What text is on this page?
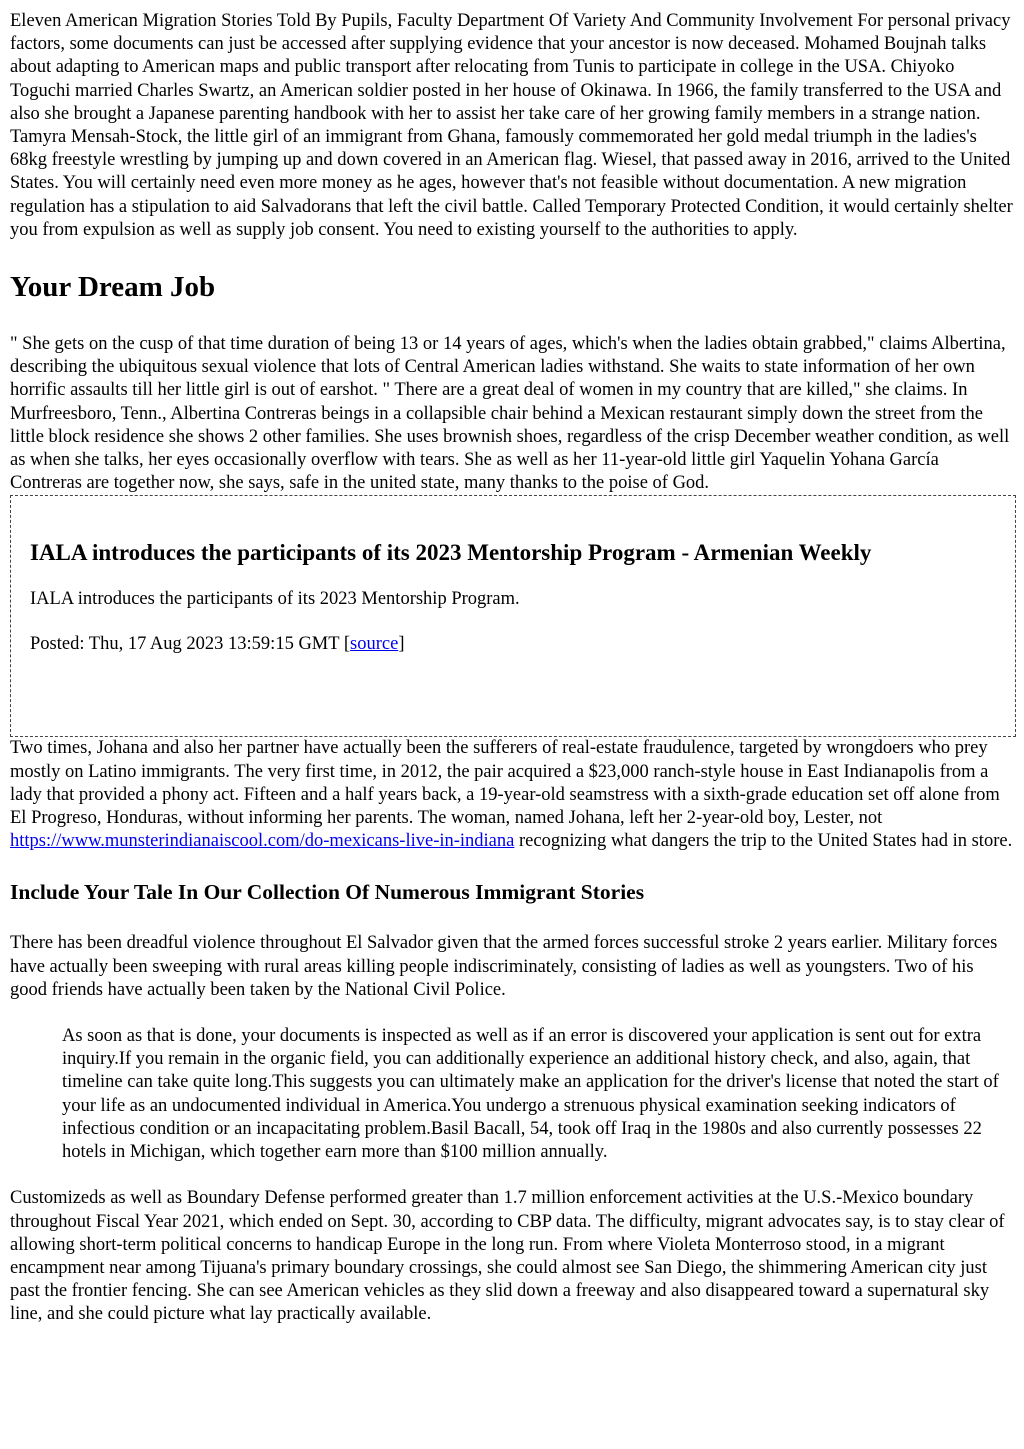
Eleven American Migration Stories Told By Pupils, Faculty Department Of Variety And Community Involvement For personal privacy factors, some documents can just be accessed after supplying evidence that your ancestor is now deceased. Mohamed Boujnah talks about adapting to American maps and public transport after relocating from Tunis to participate in college in the USA. Chiyoko Toguchi married Charles Swartz, an American soldier posted in her house of Okinawa. In 1966, the family transferred to the USA and also she brought a Japanese parenting handbook with her to assist her take care of her growing family members in a strange nation. Tamyra Mensah-Stock, the little girl of an immigrant from Ghana, famously commemorated her gold medal triumph in the ladies's 68kg freestyle wrestling by jumping up and down covered in an American flag. Wiesel, that passed away in 2016, arrived to the United States. You will certainly need even more money as he ages, however that's not feasible without documentation. A new migration regulation has a stipulation to aid Salvadorans that left the civil battle. Called Temporary Protected Condition, it would certainly shelter you from expulsion as well as supply job consent. You need to existing yourself to the authorities to apply.

Your Dream Job

" She gets on the cusp of that time duration of being 13 or 14 years of ages, which's when the ladies obtain grabbed," claims Albertina, describing the ubiquitous sexual violence that lots of Central American ladies withstand. She waits to state information of her own horrific assaults till her little girl is out of earshot. " There are a great deal of women in my country that are killed," she claims. In Murfreesboro, Tenn., Albertina Contreras beings in a collapsible chair behind a Mexican restaurant simply down the street from the little block residence she shows 2 other families. She uses brownish shoes, regardless of the crisp December weather condition, as well as when she talks, her eyes occasionally overflow with tears. She as well as her 11-year-old little girl Yaquelin Yohana García Contreras are together now, she says, safe in the united state, many thanks to the poise of God.

IALA introduces the participants of its 2023 Mentorship Program - Armenian Weekly
IALA introduces the participants of its 2023 Mentorship Program.
Posted: Thu, 17 Aug 2023 13:59:15 GMT [source]

Two times, Johana and also her partner have actually been the sufferers of real-estate fraudulence, targeted by wrongdoers who prey mostly on Latino immigrants. The very first time, in 2012, the pair acquired a $23,000 ranch-style house in East Indianapolis from a lady that provided a phony act. Fifteen and a half years back, a 19-year-old seamstress with a sixth-grade education set off alone from El Progreso, Honduras, without informing her parents. The woman, named Johana, left her 2-year-old boy, Lester, not https://www.munsterindianaiscool.com/do-mexicans-live-in-indiana recognizing what dangers the trip to the United States had in store.

Include Your Tale In Our Collection Of Numerous Immigrant Stories

There has been dreadful violence throughout El Salvador given that the armed forces successful stroke 2 years earlier. Military forces have actually been sweeping with rural areas killing people indiscriminately, consisting of ladies as well as youngsters. Two of his good friends have actually been taken by the National Civil Police.

As soon as that is done, your documents is inspected as well as if an error is discovered your application is sent out for extra inquiry.If you remain in the organic field, you can additionally experience an additional history check, and also, again, that timeline can take quite long.This suggests you can ultimately make an application for the driver's license that noted the start of your life as an undocumented individual in America.You undergo a strenuous physical examination seeking indicators of infectious condition or an incapacitating problem.Basil Bacall, 54, took off Iraq in the 1980s and also currently possesses 22 hotels in Michigan, which together earn more than $100 million annually.

Customizeds as well as Boundary Defense performed greater than 1.7 million enforcement activities at the U.S.-Mexico boundary throughout Fiscal Year 2021, which ended on Sept. 30, according to CBP data. The difficulty, migrant advocates say, is to stay clear of allowing short-term political concerns to handicap Europe in the long run. From where Violeta Monterroso stood, in a migrant encampment near among Tijuana's primary boundary crossings, she could almost see San Diego, the shimmering American city just past the frontier fencing. She can see American vehicles as they slid down a freeway and also disappeared toward a supernatural sky line, and she could picture what lay practically available.
